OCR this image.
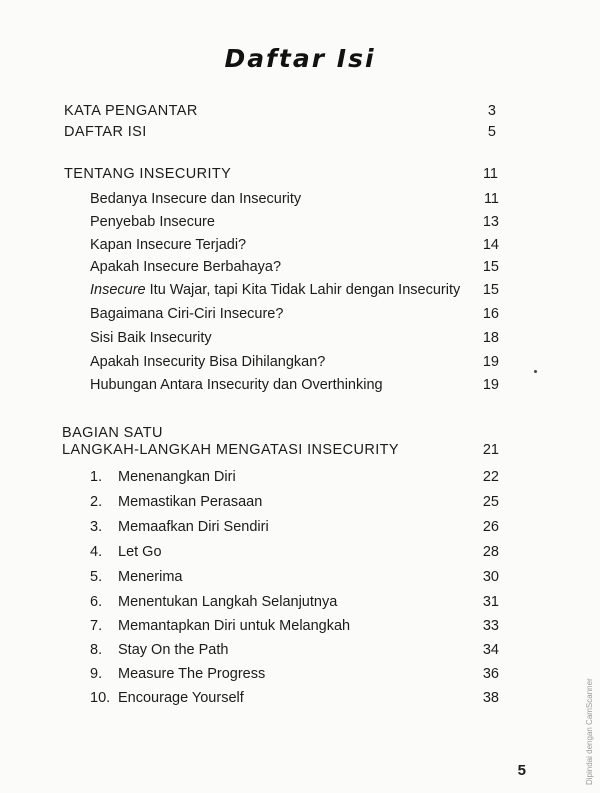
Daftar Isi
KATA PENGANTAR	3
DAFTAR ISI	5
TENTANG INSECURITY	11
Bedanya Insecure dan Insecurity	11
Penyebab Insecure	13
Kapan Insecure Terjadi?	14
Apakah Insecure Berbahaya?	15
Insecure Itu Wajar, tapi Kita Tidak Lahir dengan Insecurity 15
Bagaimana Ciri-Ciri Insecure?	16
Sisi Baik Insecurity	18
Apakah Insecurity Bisa Dihilangkan?	19
Hubungan Antara Insecurity dan Overthinking	19
BAGIAN SATU
LANGKAH-LANGKAH MENGATASI INSECURITY	21
1. Menenangkan Diri	22
2. Memastikan Perasaan	25
3. Memaafkan Diri Sendiri	26
4. Let Go	28
5. Menerima	30
6. Menentukan Langkah Selanjutnya	31
7. Memantapkan Diri untuk Melangkah	33
8. Stay On the Path	34
9. Measure The Progress	36
10. Encourage Yourself	38
5	Dipindai dengan CamScanner
